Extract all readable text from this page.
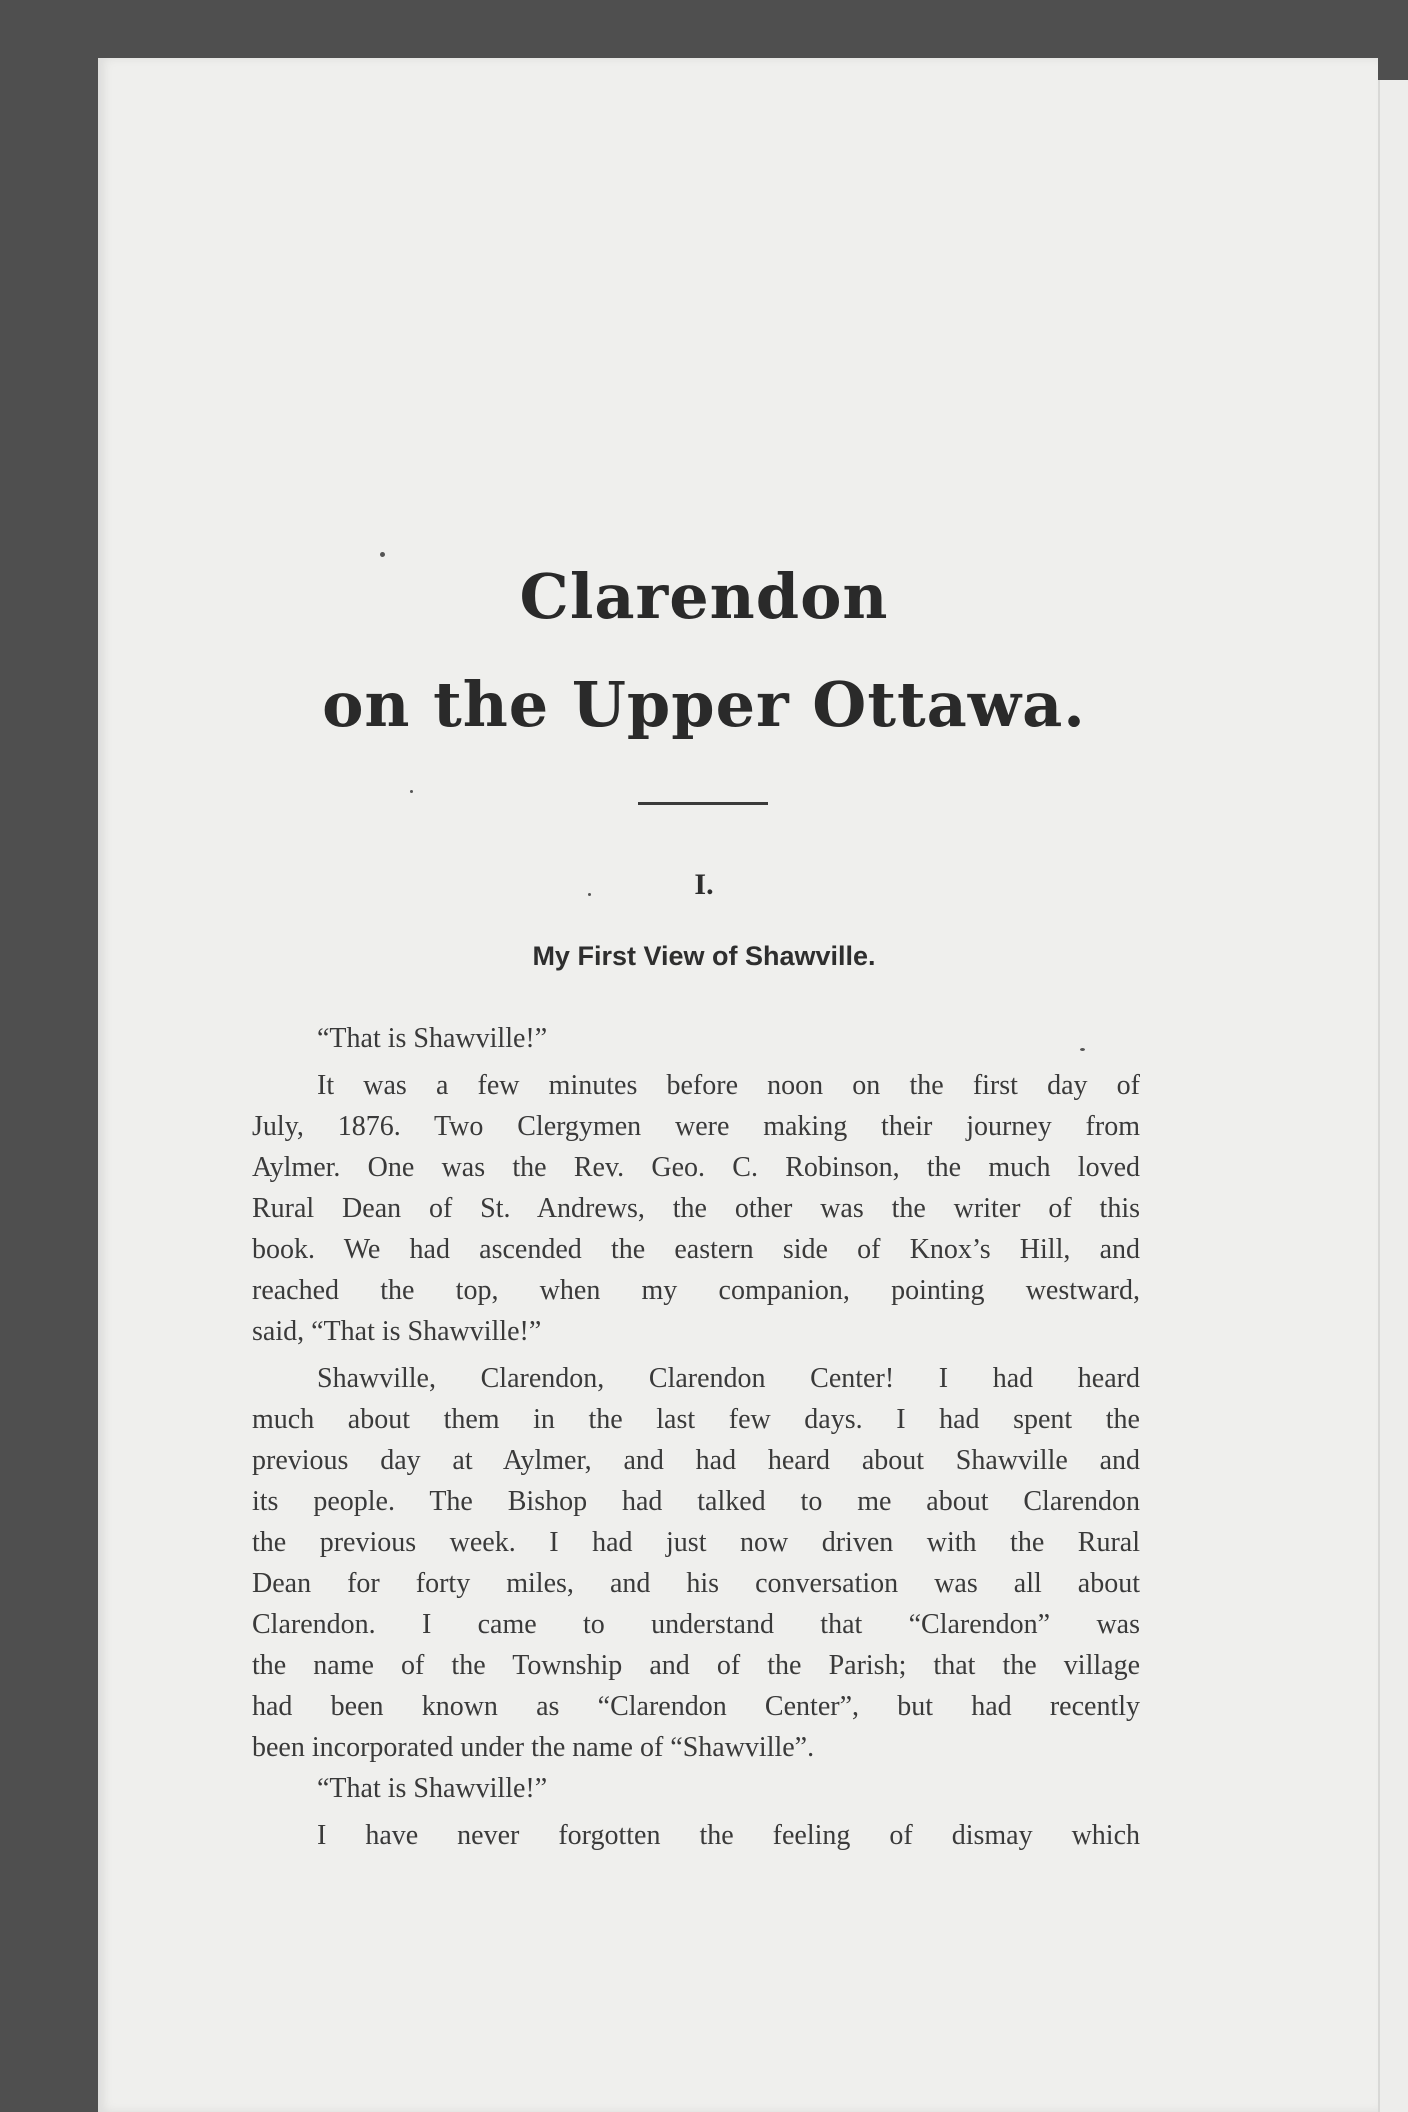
Clarendon
on the Upper Ottawa.
I.
My First View of Shawville.
“That is Shawville!”
It was a few minutes before noon on the first day of
July, 1876. Two Clergymen were making their journey from
Aylmer. One was the Rev. Geo. C. Robinson, the much loved
Rural Dean of St. Andrews, the other was the writer of this
book. We had ascended the eastern side of Knox’s Hill, and
reached the top, when my companion, pointing westward,
said, “That is Shawville!”
Shawville, Clarendon, Clarendon Center! I had heard
much about them in the last few days. I had spent the
previous day at Aylmer, and had heard about Shawville and
its people. The Bishop had talked to me about Clarendon
the previous week. I had just now driven with the Rural
Dean for forty miles, and his conversation was all about
Clarendon. I came to understand that “Clarendon” was
the name of the Township and of the Parish; that the village
had been known as “Clarendon Center”, but had recently
been incorporated under the name of “Shawville”.
“That is Shawville!”
I have never forgotten the feeling of dismay which
